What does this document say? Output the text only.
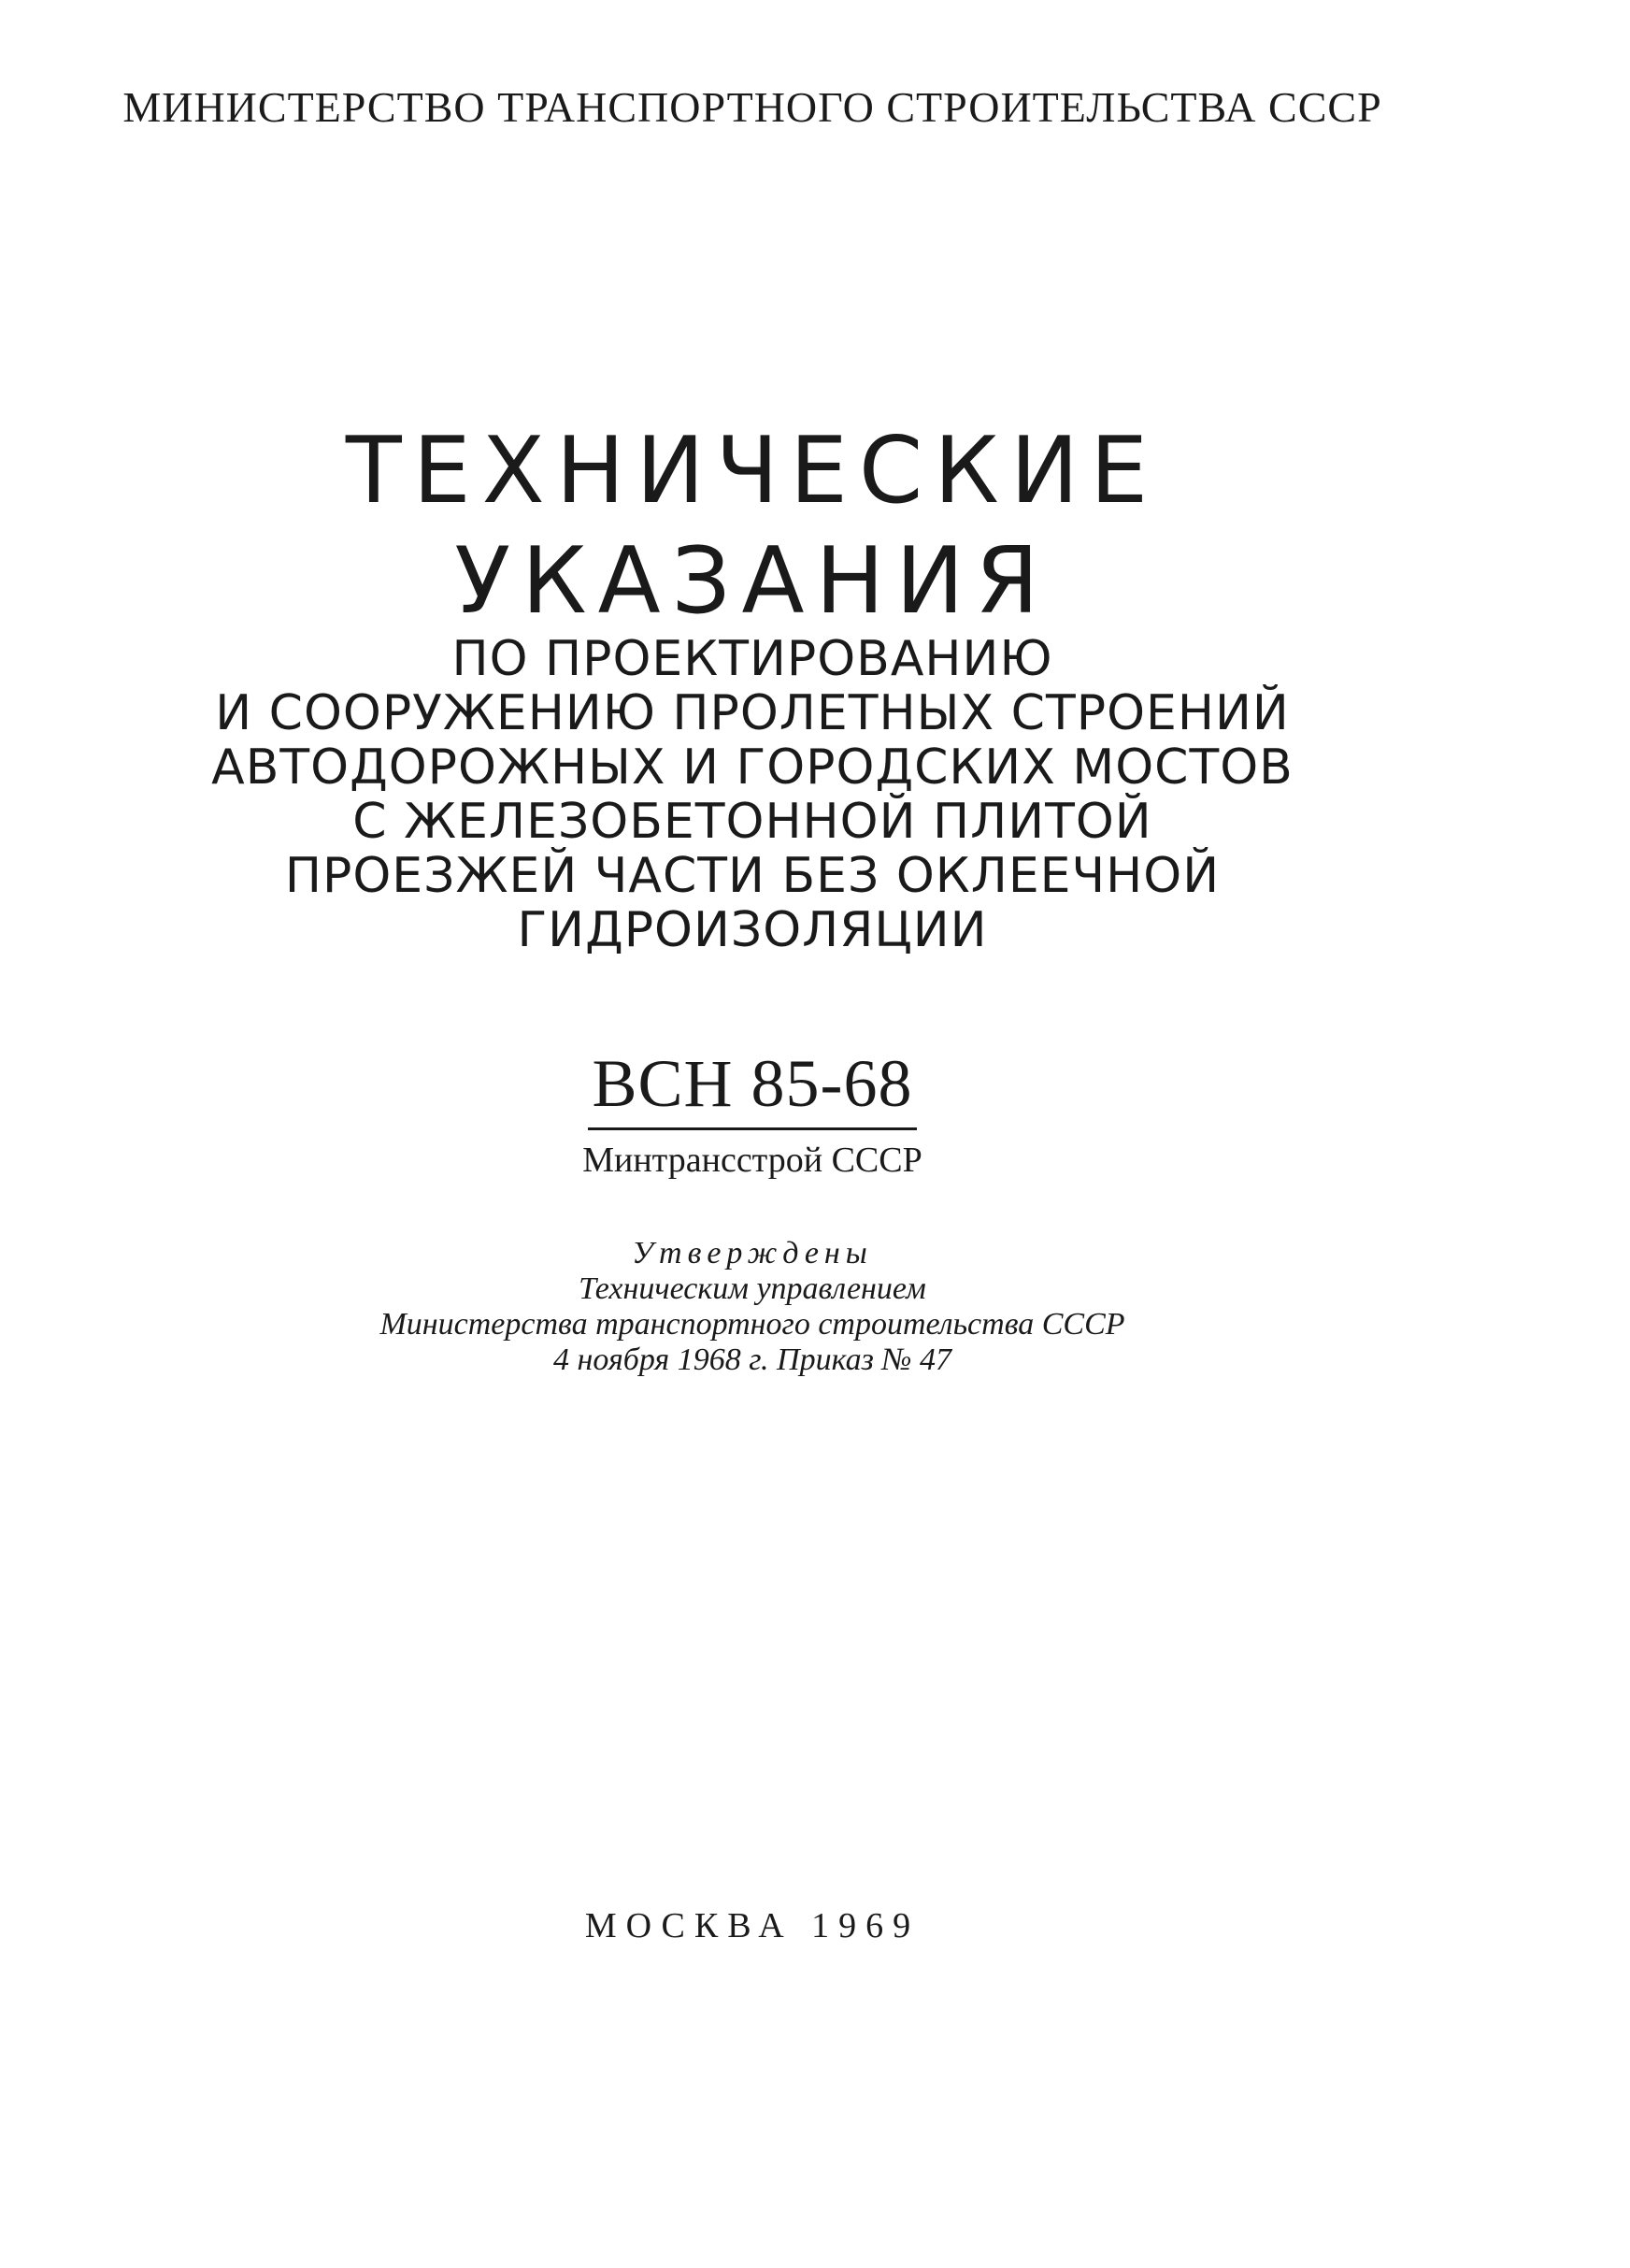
МИНИСТЕРСТВО ТРАНСПОРТНОГО СТРОИТЕЛЬСТВА СССР
ТЕХНИЧЕСКИЕ
УКАЗАНИЯ
ПО ПРОЕКТИРОВАНИЮ
И СООРУЖЕНИЮ ПРОЛЕТНЫХ СТРОЕНИЙ
АВТОДОРОЖНЫХ И ГОРОДСКИХ МОСТОВ
С ЖЕЛЕЗОБЕТОННОЙ ПЛИТОЙ
ПРОЕЗЖЕЙ ЧАСТИ БЕЗ ОКЛЕЕЧНОЙ
ГИДРОИЗОЛЯЦИИ
ВСН 85-68
Минтрансстрой СССР
Утверждены
Техническим управлением
Министерства транспортного строительства СССР
4 ноября 1968 г. Приказ № 47
МОСКВА 1969
